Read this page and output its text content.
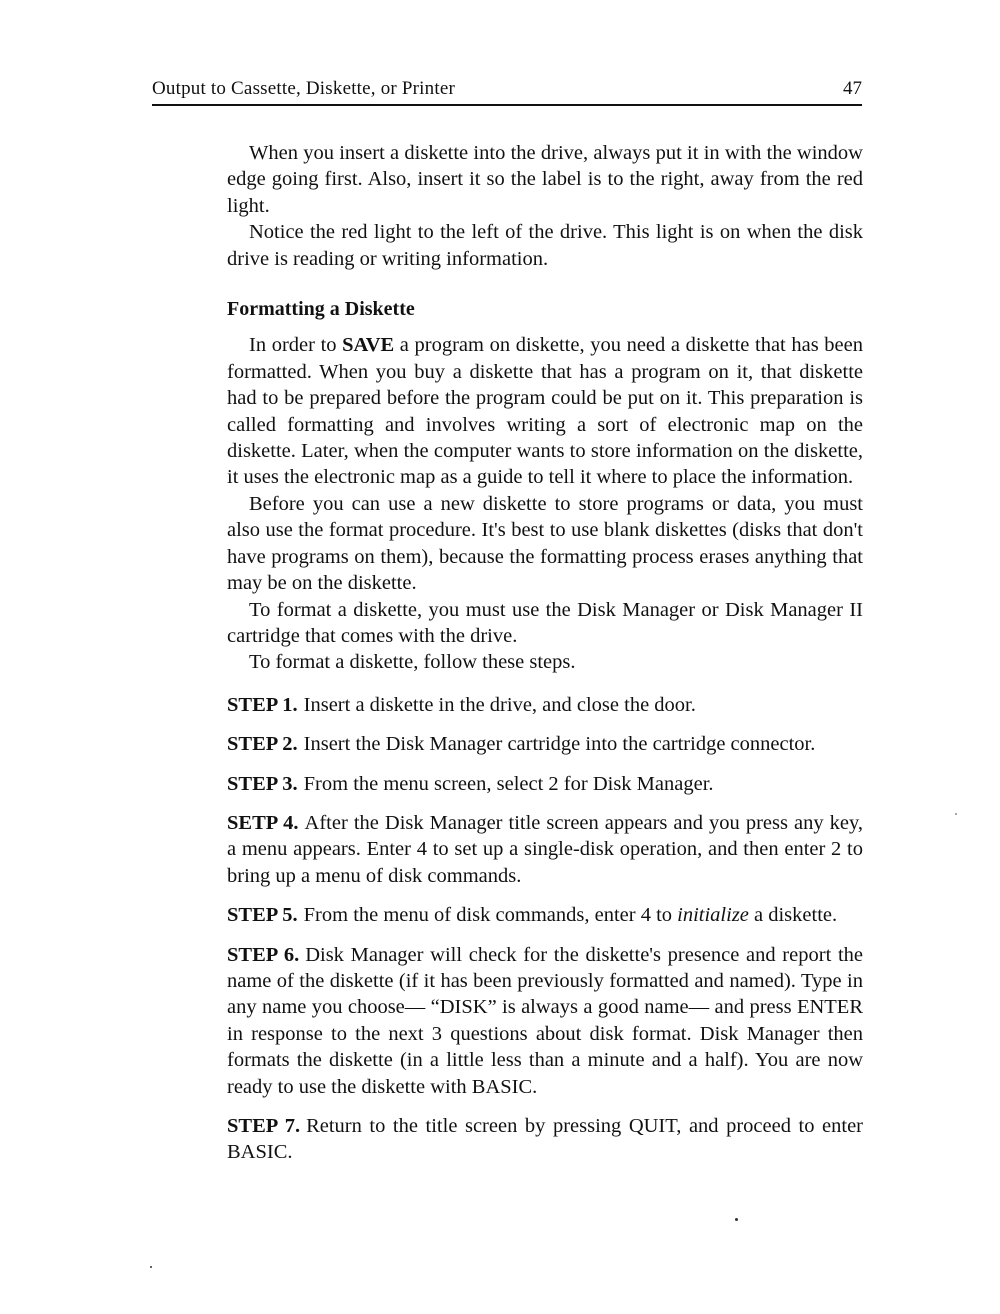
Output to Cassette, Diskette, or Printer	47

When you insert a diskette into the drive, always put it in with the window edge going first. Also, insert it so the label is to the right, away from the red light.

Notice the red light to the left of the drive. This light is on when the disk drive is reading or writing information.

Formatting a Diskette

In order to SAVE a program on diskette, you need a diskette that has been formatted. When you buy a diskette that has a program on it, that diskette had to be prepared before the program could be put on it. This preparation is called formatting and involves writing a sort of electronic map on the diskette. Later, when the computer wants to store information on the diskette, it uses the electronic map as a guide to tell it where to place the information.

Before you can use a new diskette to store programs or data, you must also use the format procedure. It's best to use blank diskettes (disks that don't have programs on them), because the formatting process erases anything that may be on the diskette.

To format a diskette, you must use the Disk Manager or Disk Manager II cartridge that comes with the drive.

To format a diskette, follow these steps.

STEP 1. Insert a diskette in the drive, and close the door.

STEP 2. Insert the Disk Manager cartridge into the cartridge connector.

STEP 3. From the menu screen, select 2 for Disk Manager.

SETP 4. After the Disk Manager title screen appears and you press any key, a menu appears. Enter 4 to set up a single-disk operation, and then enter 2 to bring up a menu of disk commands.

STEP 5. From the menu of disk commands, enter 4 to initialize a diskette.

STEP 6. Disk Manager will check for the diskette's presence and report the name of the diskette (if it has been previously formatted and named). Type in any name you choose— “DISK” is always a good name— and press ENTER in response to the next 3 questions about disk format. Disk Manager then formats the diskette (in a little less than a minute and a half). You are now ready to use the diskette with BASIC.

STEP 7. Return to the title screen by pressing QUIT, and proceed to enter BASIC.
